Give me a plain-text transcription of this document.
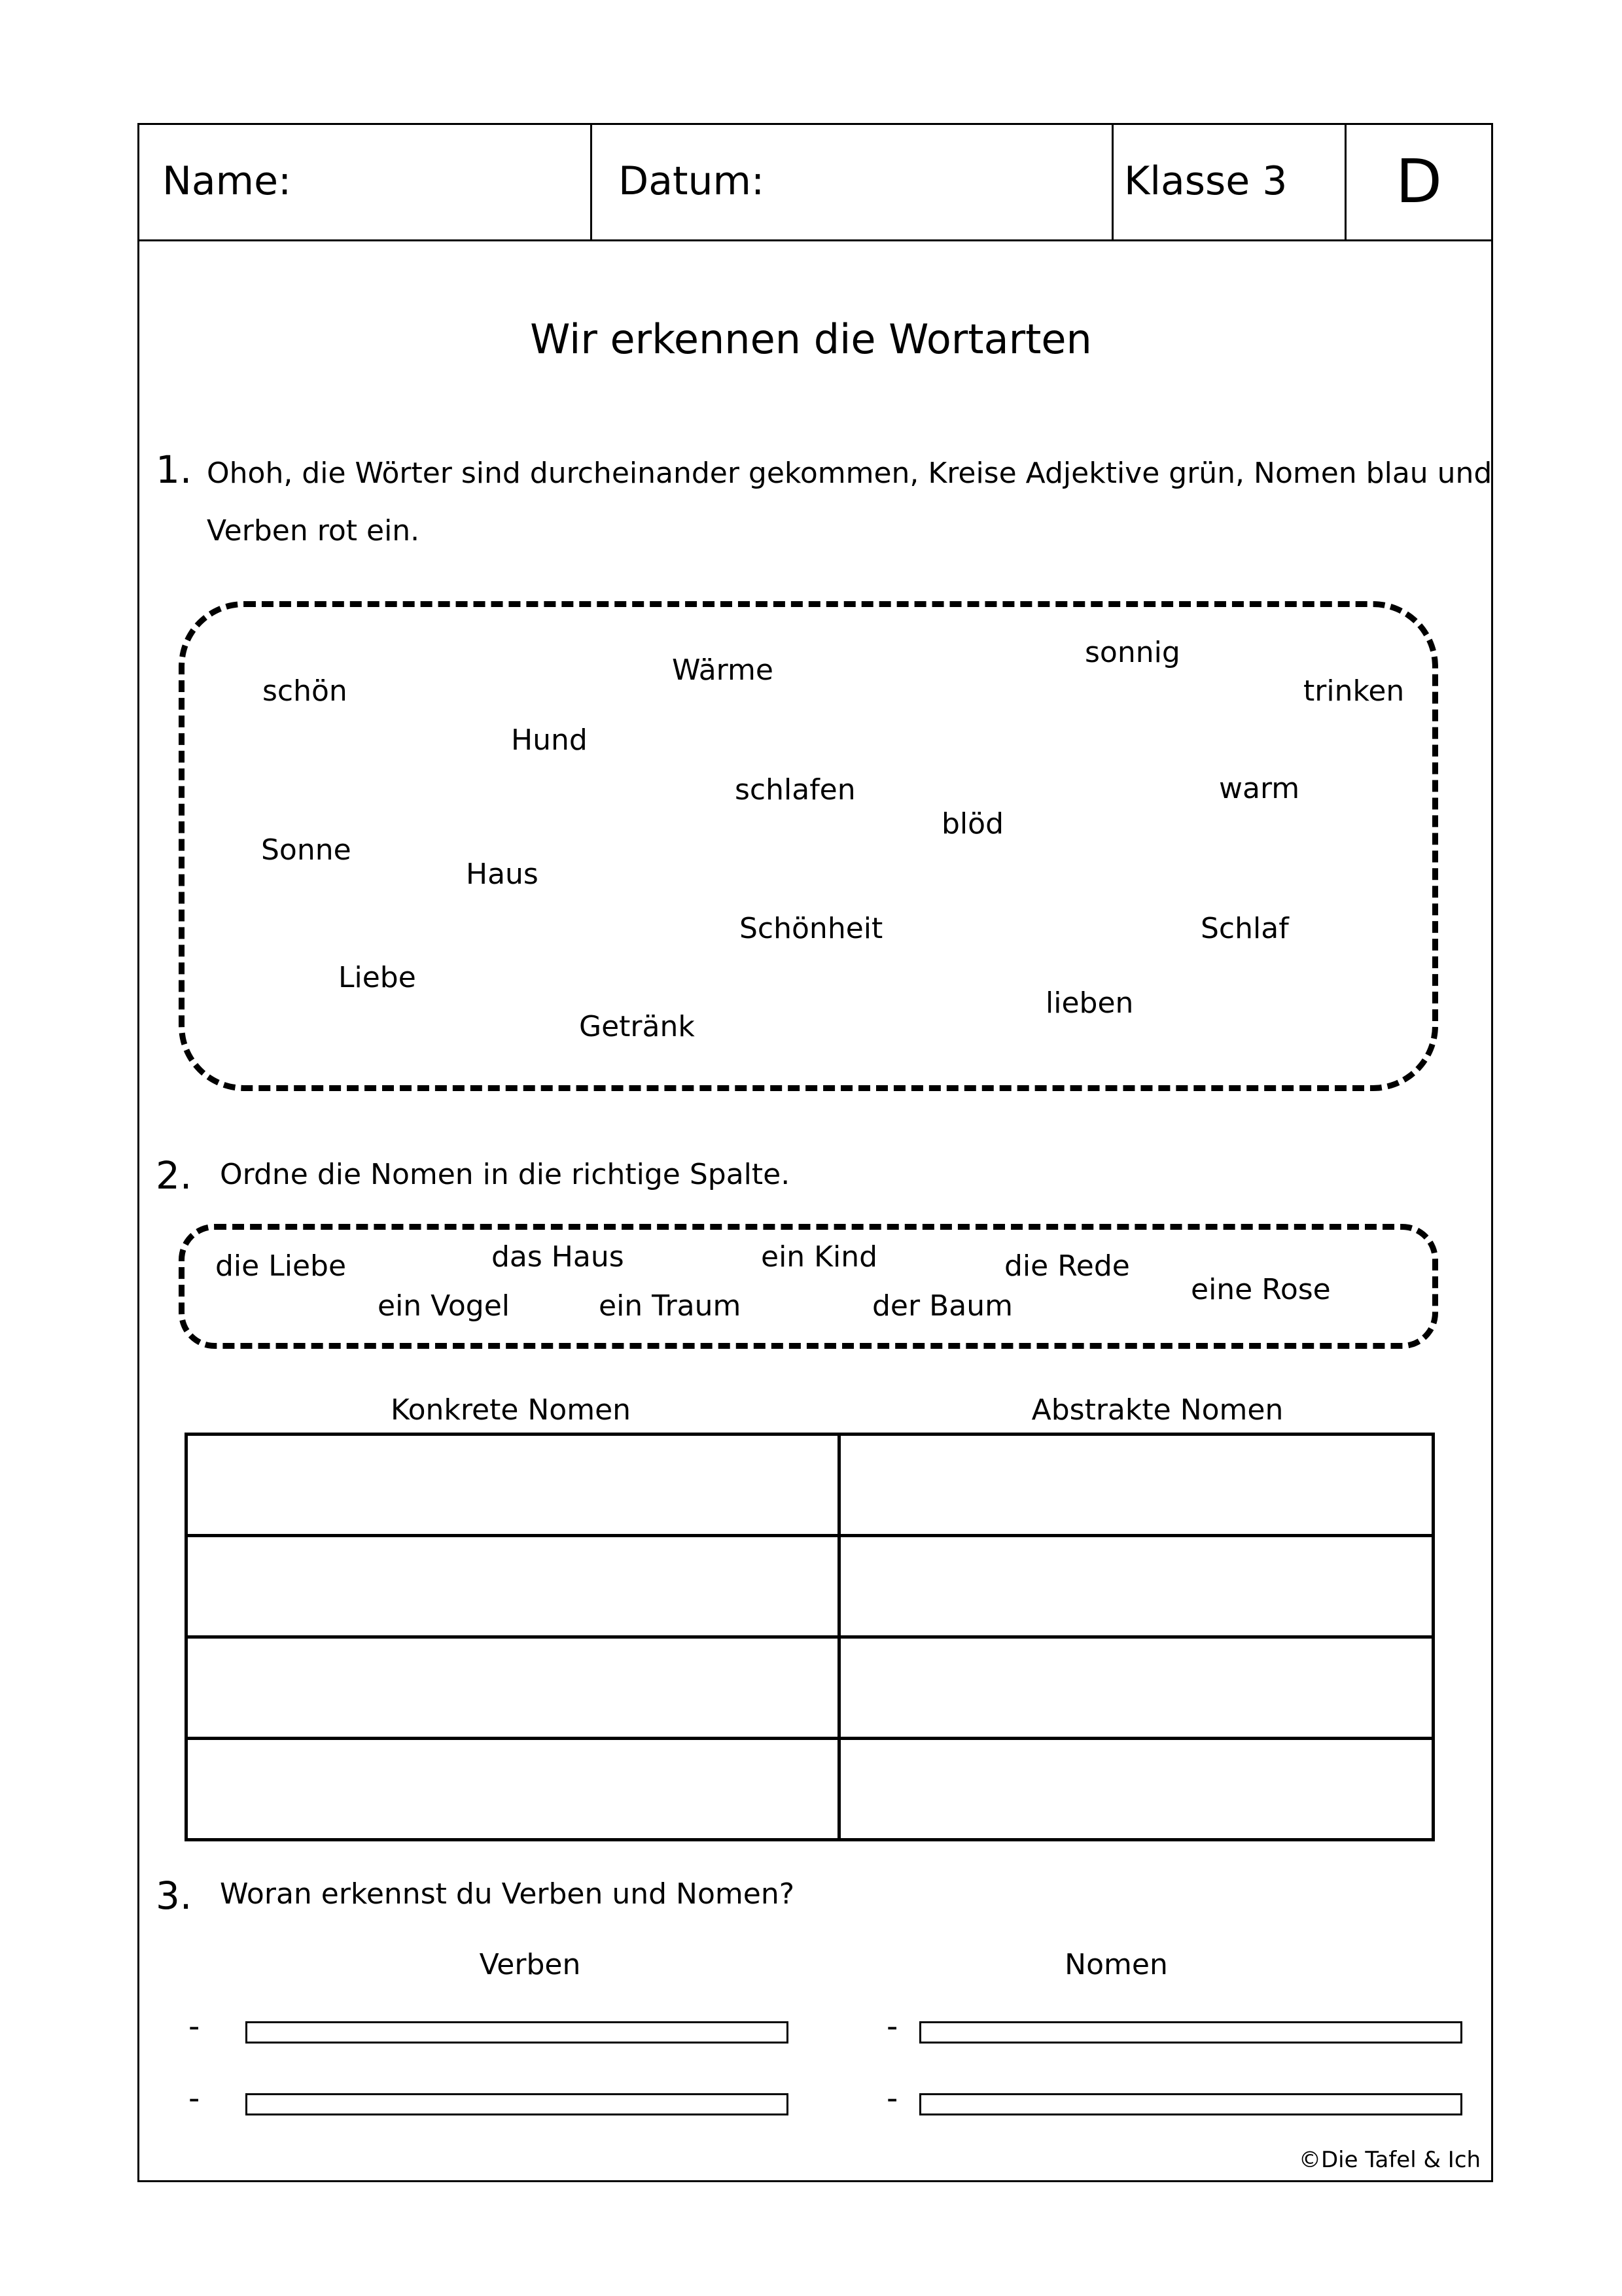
Name:	Datum:	Klasse 3 D
Wir erkennen die Wortarten
1. Ohoh, die Wörter sind durcheinander gekommen, Kreise Adjektive grün, Nomen blau und
Verben rot ein.
schön
Wärme
sonnig
trinken
Hund
schlafen	warm
blöd
Sonne
Haus
Schönheit	Schlaf
Liebe
lieben
Getränk
2. Ordne die Nomen in die richtige Spalte.
die Liebe	das Haus	ein Kind	die Rede
eine Rose
ein Vogel	ein Traum	der Baum
Konkrete Nomen	Abstrakte Nomen

3. Woran erkennst du Verben und Nomen?
Verben	Nomen
-
-
-
-
©Die Tafel & Ich
